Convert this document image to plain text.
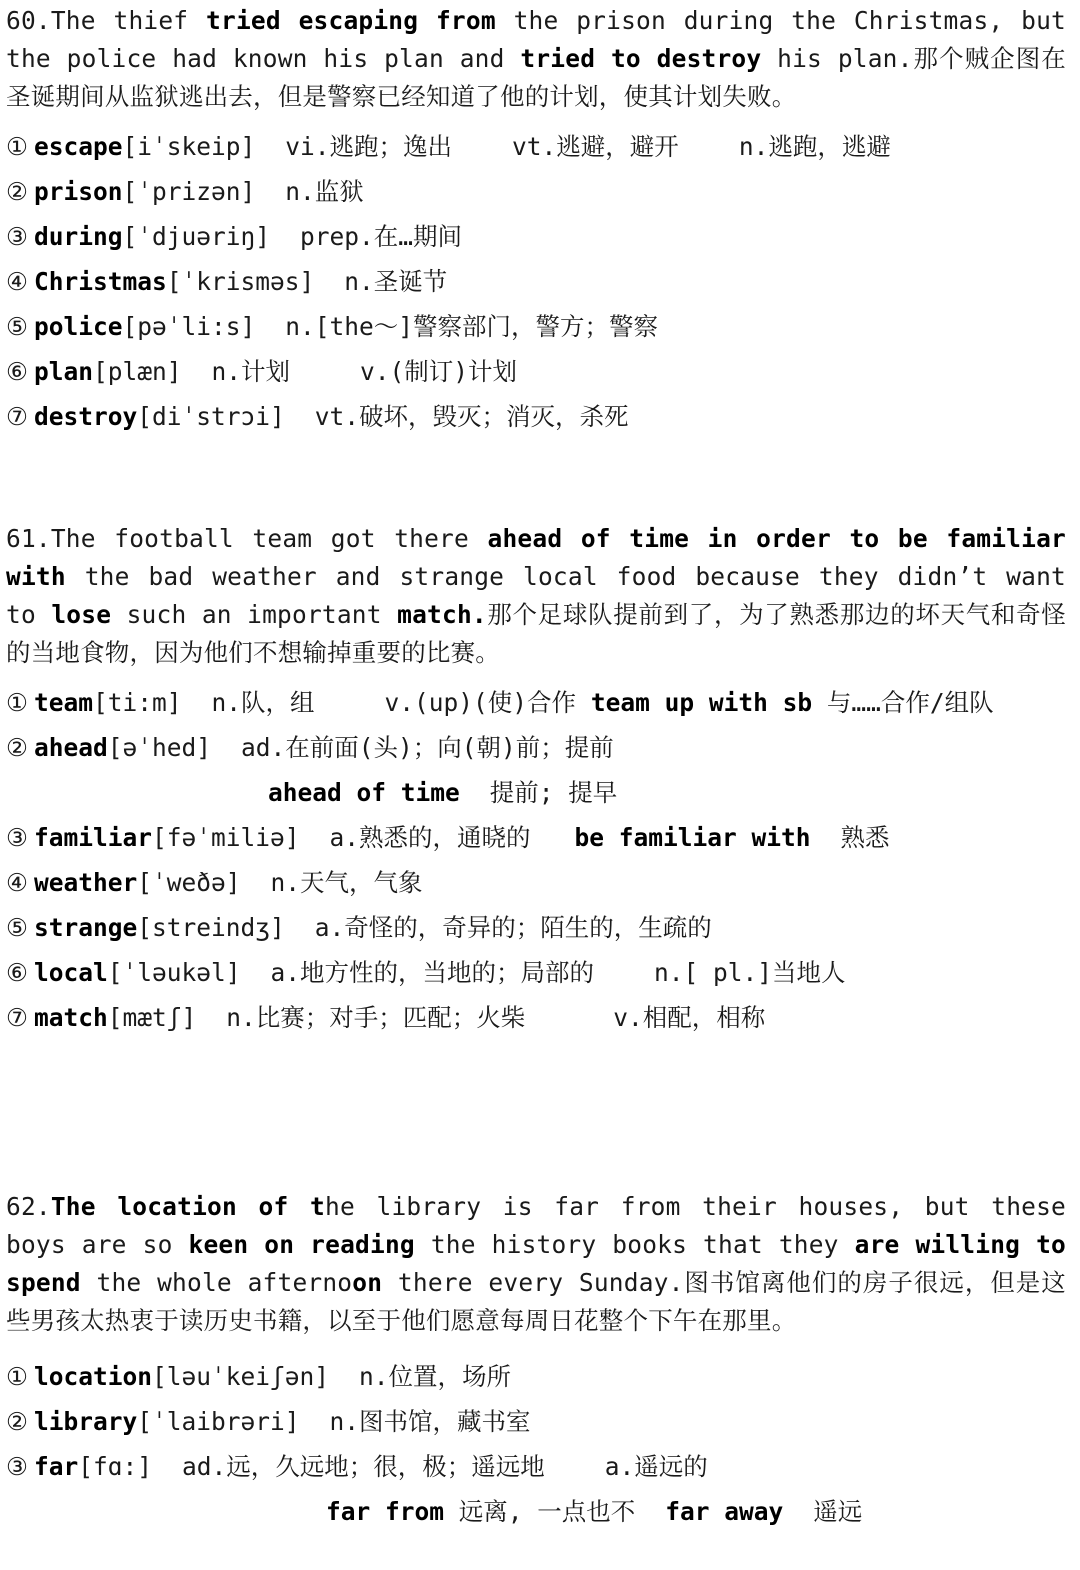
60.The thief tried escaping from the prison during the Christmas, but the police had known his plan and tried to destroy his plan.那个贼企图在圣诞期间从监狱逃出去，但是警察已经知道了他的计划，使其计划失败。

① escape[iˈskeip] vi.逃跑；逸出 vt.逃避，避开 n.逃跑，逃避

② prison[ˈprizən] n.监狱

③ during[ˈdjuəriŋ] prep.在…期间

④ Christmas[ˈkrisməs] n.圣诞节

⑤ police[pəˈli:s] n.[the～]警察部门，警方；警察

⑥ plan[plæn] n.计划	v.(制订)计划

⑦ destroy[diˈstrɔi] vt.破坏，毁灭；消灭，杀死

61.The football team got there ahead of time in order to be familiar with the bad weather and strange local food because they didn’t want to lose such an important match.那个足球队提前到了，为了熟悉那边的坏天气和奇怪的当地食物，因为他们不想输掉重要的比赛。

① team[ti:m] n.队，组	v.(up)(使)合作 team up with sb 与……合作/组队

② ahead[əˈhed] ad.在前面(头)；向(朝)前；提前

ahead of time 提前; 提早

③ familiar[fəˈmiliə] a.熟悉的，通晓的 be familiar with 熟悉

④ weather[ˈweðə] n.天气，气象

⑤ strange[streindʒ] a.奇怪的，奇异的；陌生的，生疏的

⑥ local[ˈləukəl] a.地方性的，当地的；局部的 n.[ pl.]当地人

⑦ match[mætʃ] n.比赛；对手；匹配；火柴	v.相配，相称

62.The location of the library is far from their houses, but these boys are so keen on reading the history books that they are willing to spend the whole afternoon there every Sunday.图书馆离他们的房子很远，但是这些男孩太热衷于读历史书籍，以至于他们愿意每周日花整个下午在那里。

① location[ləuˈkeiʃən] n.位置，场所

② library[ˈlaibrəri] n.图书馆，藏书室

③ far[fɑ:] ad.远，久远地；很，极；遥远地 a.遥远的

far from 远离, 一点也不 far away 遥远
